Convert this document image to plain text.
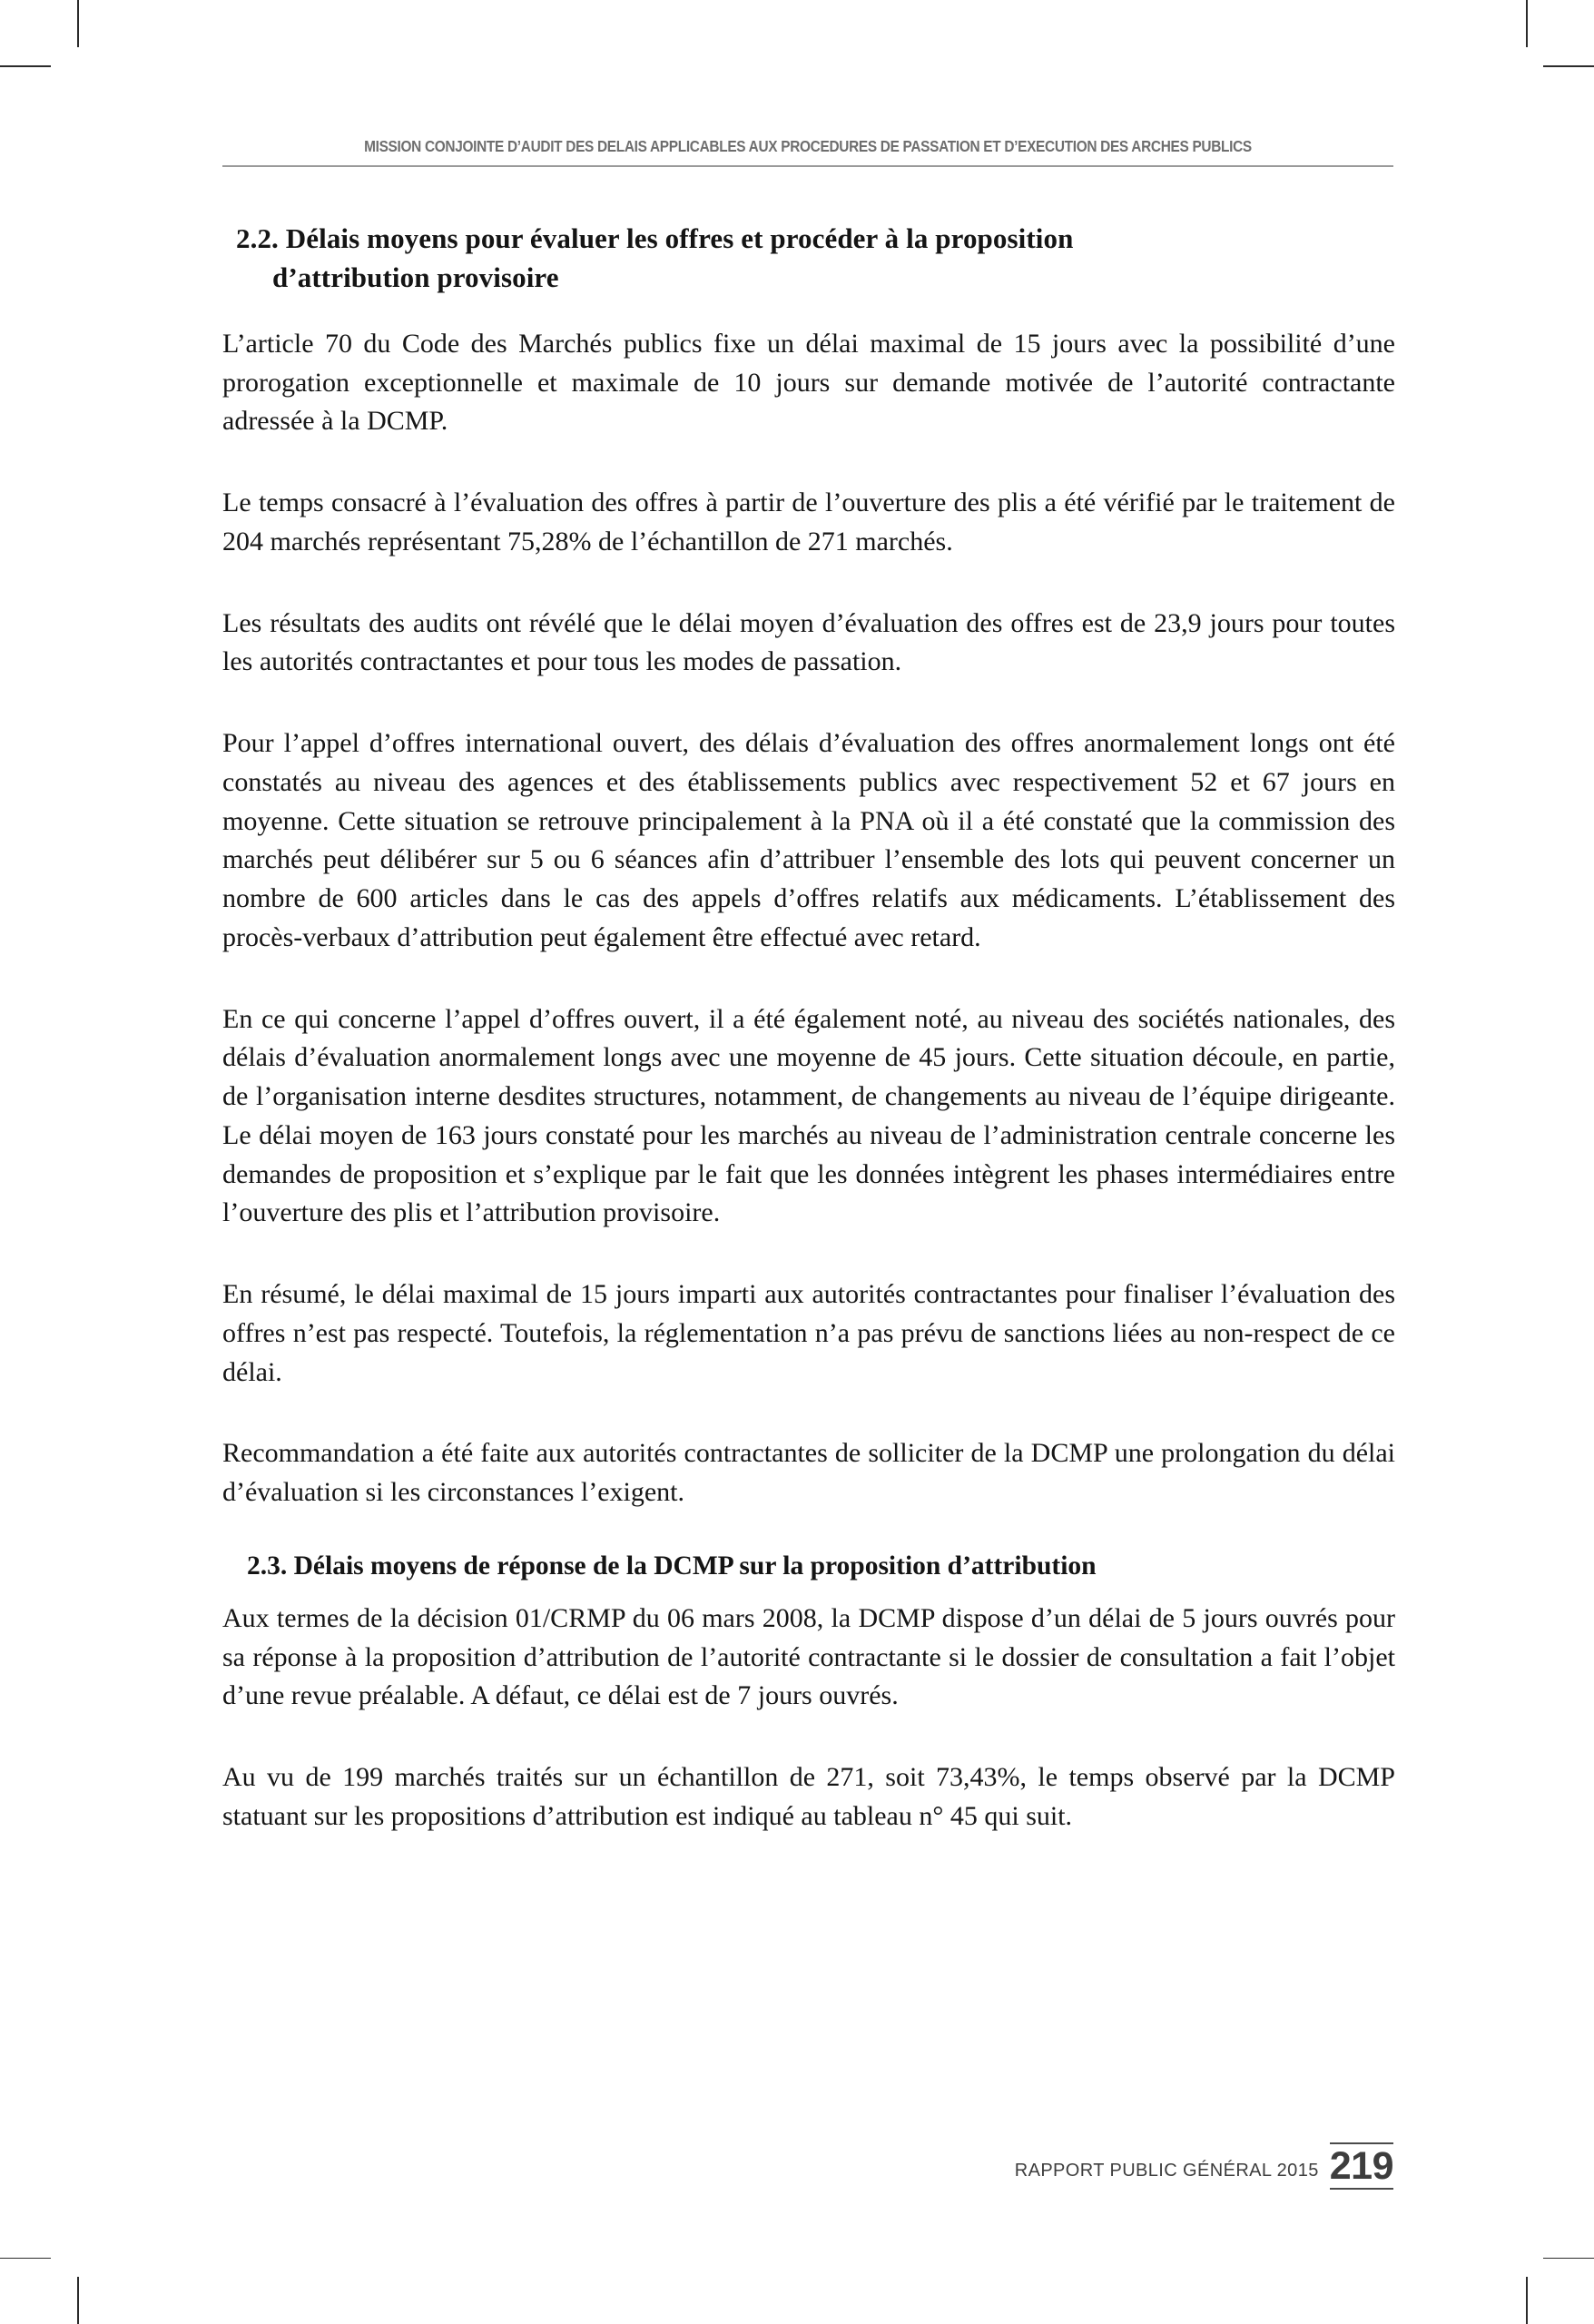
MISSION CONJOINTE D’AUDIT DES DELAIS APPLICABLES AUX PROCEDURES DE PASSATION ET D’EXECUTION DES ARCHES PUBLICS
2.2. Délais moyens pour évaluer les offres et procéder à la proposition
d’attribution provisoire

L’article 70 du Code des Marchés publics fixe un délai maximal de 15 jours avec la possibilité d’une prorogation exceptionnelle et maximale de 10 jours sur demande motivée de l’autorité contractante adressée à la DCMP.

Le temps consacré à l’évaluation des offres à partir de l’ouverture des plis a été vérifié par le traitement de 204 marchés représentant 75,28% de l’échantillon de 271 marchés.

Les résultats des audits ont révélé que le délai moyen d’évaluation des offres est de 23,9 jours pour toutes les autorités contractantes et pour tous les modes de passation.

Pour l’appel d’offres international ouvert, des délais d’évaluation des offres anormalement longs ont été constatés au niveau des agences et des établissements publics avec respectivement 52 et 67 jours en moyenne. Cette situation se retrouve principalement à la PNA où il a été constaté que la commission des marchés peut délibérer sur 5 ou 6 séances afin d’attribuer l’ensemble des lots qui peuvent concerner un nombre de 600 articles dans le cas des appels d’offres relatifs aux médicaments. L’établissement des procès-verbaux d’attribution peut également être effectué avec retard.

En ce qui concerne l’appel d’offres ouvert, il a été également noté, au niveau des sociétés nationales, des délais d’évaluation anormalement longs avec une moyenne de 45 jours. Cette situation découle, en partie, de l’organisation interne desdites structures, notamment, de changements au niveau de l’équipe dirigeante. Le délai moyen de 163 jours constaté pour les marchés au niveau de l’administration centrale concerne les demandes de proposition et s’explique par le fait que les données intègrent les phases intermédiaires entre l’ouverture des plis et l’attribution provisoire.

En résumé, le délai maximal de 15 jours imparti aux autorités contractantes pour finaliser l’évaluation des offres n’est pas respecté. Toutefois, la réglementation n’a pas prévu de sanctions liées au non-respect de ce délai.

Recommandation a été faite aux autorités contractantes de solliciter de la DCMP une prolongation du délai d’évaluation si les circonstances l’exigent.

2.3. Délais moyens de réponse de la DCMP sur la proposition d’attribution

Aux termes de la décision 01/CRMP du 06 mars 2008, la DCMP dispose d’un délai de 5 jours ouvrés pour sa réponse à la proposition d’attribution de l’autorité contractante si le dossier de consultation a fait l’objet d’une revue préalable. A défaut, ce délai est de 7 jours ouvrés.

Au vu de 199 marchés traités sur un échantillon de 271, soit 73,43%, le temps observé par la DCMP statuant sur les propositions d’attribution est indiqué au tableau n° 45 qui suit.

RAPPORT PUBLIC GÉNÉRAL 2015 219
